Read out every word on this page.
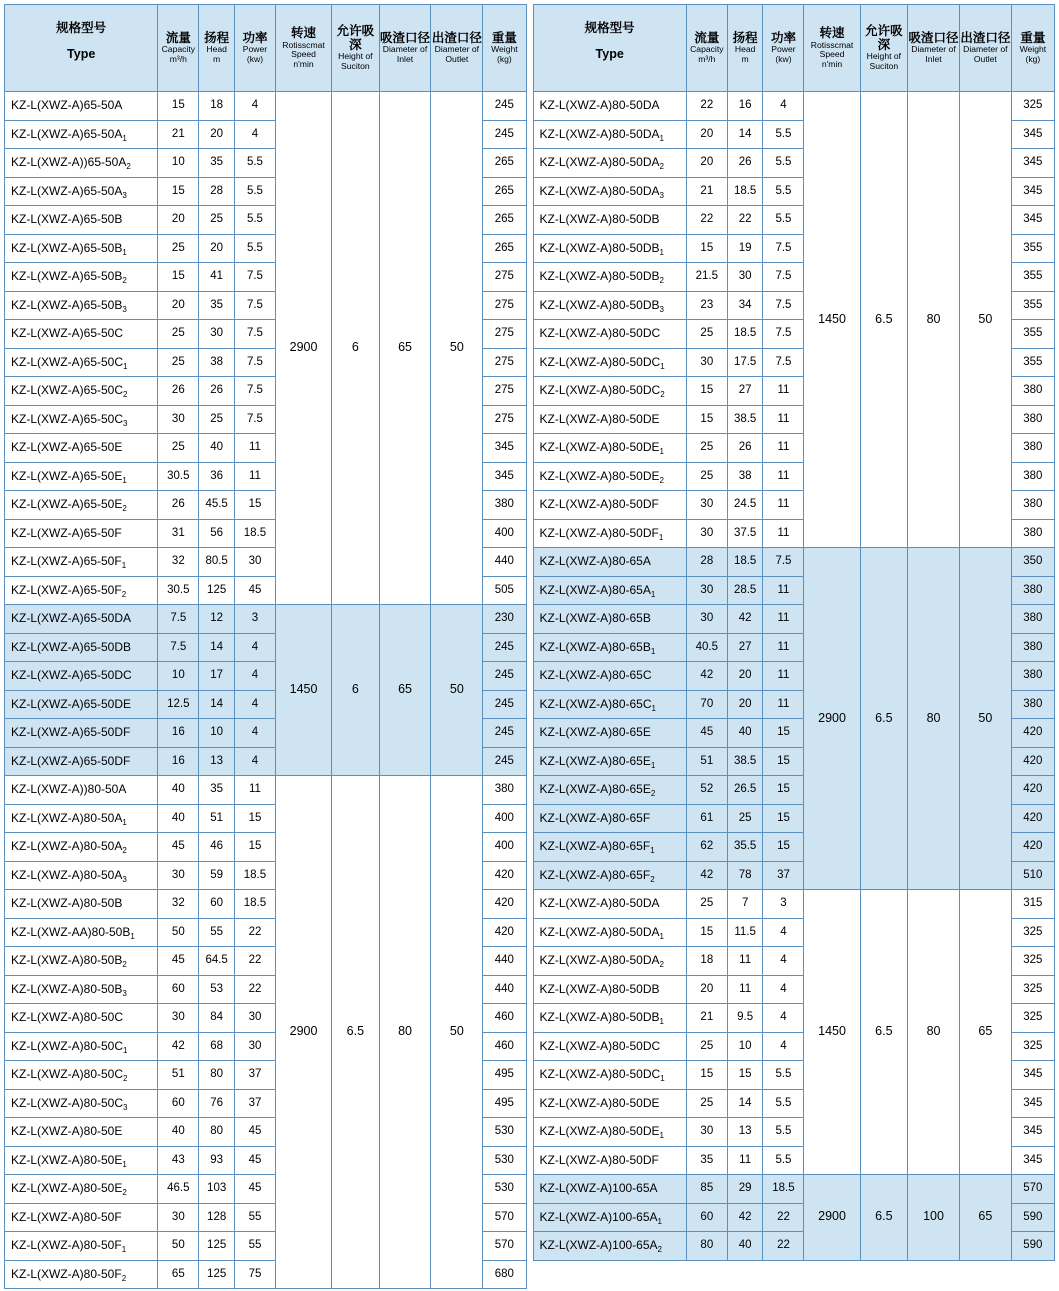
规格型号
Type	流量
Capacity
m³/h	扬程
Head
m	功率
Power
(kw)	转速
Rotisscmat Speed
n'min	允许吸深
Height of Suciton	吸渣口径
Diameter of Inlet	出渣口径
Diameter of Outlet	重量
Weight
(kg)

KZ-L(XWZ-A)65-50A	15	18	4	2900	6	65	50	245
$KZ-L(XWZ-A)65-50A_1$	21	20	4					245
$KZ-L(XWZ-A))65-50A_2$	10	35	5.5					265
$KZ-L(XWZ-A)65-50A_3$	15	28	5.5					265
KZ-L(XWZ-A)65-50B	20	25	5.5					265
$KZ-L(XWZ-A)65-50B_1$	25	20	5.5					265
$KZ-L(XWZ-A)65-50B_2$	15	41	7.5					275
$KZ-L(XWZ-A)65-50B_3$	20	35	7.5					275
KZ-L(XWZ-A)65-50C	25	30	7.5					275
$KZ-L(XWZ-A)65-50C_1$	25	38	7.5					275
$KZ-L(XWZ-A)65-50C_2$	26	26	7.5					275
$KZ-L(XWZ-A)65-50C_3$	30	25	7.5					275
KZ-L(XWZ-A)65-50E	25	40	11					345
$KZ-L(XWZ-A)65-50E_1$	30.5	36	11					345
$KZ-L(XWZ-A)65-50E_2$	26	45.5	15					380
KZ-L(XWZ-A)65-50F	31	56	18.5					400
$KZ-L(XWZ-A)65-50F_1$	32	80.5	30					440
$KZ-L(XWZ-A)65-50F_2$	30.5	125	45					505
KZ-L(XWZ-A)65-50DA	7.5	12	3	1450	6	65	50	230
KZ-L(XWZ-A)65-50DB	7.5	14	4					245
KZ-L(XWZ-A)65-50DC	10	17	4					245
KZ-L(XWZ-A)65-50DE	12.5	14	4					245
KZ-L(XWZ-A)65-50DF	16	10	4					245
KZ-L(XWZ-A)65-50DF	16	13	4					245
KZ-L(XWZ-A))80-50A	40	35	11	2900	6.5	80	50	380
$KZ-L(XWZ-A)80-50A_1$	40	51	15					400
$KZ-L(XWZ-A)80-50A_2$	45	46	15					400
$KZ-L(XWZ-A)80-50A_3$	30	59	18.5					420
KZ-L(XWZ-A)80-50B	32	60	18.5					420
$KZ-L(XWZ-AA)80-50B_1$	50	55	22					420
$KZ-L(XWZ-A)80-50B_2$	45	64.5	22					440
$KZ-L(XWZ-A)80-50B_3$	60	53	22					440
KZ-L(XWZ-A)80-50C	30	84	30					460
$KZ-L(XWZ-A)80-50C_1$	42	68	30					460
$KZ-L(XWZ-A)80-50C_2$	51	80	37					495
$KZ-L(XWZ-A)80-50C_3$	60	76	37					495
KZ-L(XWZ-A)80-50E	40	80	45					530
$KZ-L(XWZ-A)80-50E_1$	43	93	45					530
$KZ-L(XWZ-A)80-50E_2$	46.5	103	45					530
KZ-L(XWZ-A)80-50F	30	128	55					570
$KZ-L(XWZ-A)80-50F_1$	50	125	55					570
$KZ-L(XWZ-A)80-50F_2$	65	125	75					680
规格型号
Type	流量
Capacity
m³/h	扬程
Head
m	功率
Power
(kw)	转速
Rotisscmat Speed
n'min	允许吸深
Height of Suciton	吸渣口径
Diameter of Inlet	出渣口径
Diameter of Outlet	重量
Weight
(kg)

KZ-L(XWZ-A)80-50DA	22	16	4	1450	6.5	80	50	325
$KZ-L(XWZ-A)80-50DA_1$	20	14	5.5					345
$KZ-L(XWZ-A)80-50DA_2$	20	26	5.5					345
$KZ-L(XWZ-A)80-50DA_3$	21	18.5	5.5					345
KZ-L(XWZ-A)80-50DB	22	22	5.5					345
$KZ-L(XWZ-A)80-50DB_1$	15	19	7.5					355
$KZ-L(XWZ-A)80-50DB_2$	21.5	30	7.5					355
$KZ-L(XWZ-A)80-50DB_3$	23	34	7.5					355
KZ-L(XWZ-A)80-50DC	25	18.5	7.5					355
$KZ-L(XWZ-A)80-50DC_1$	30	17.5	7.5					355
$KZ-L(XWZ-A)80-50DC_2$	15	27	11					380
KZ-L(XWZ-A)80-50DE	15	38.5	11					380
$KZ-L(XWZ-A)80-50DE_1$	25	26	11					380
$KZ-L(XWZ-A)80-50DE_2$	25	38	11					380
KZ-L(XWZ-A)80-50DF	30	24.5	11					380
$KZ-L(XWZ-A)80-50DF_1$	30	37.5	11					380
KZ-L(XWZ-A)80-65A	28	18.5	7.5	2900	6.5	80	50	350
$KZ-L(XWZ-A)80-65A_1$	30	28.5	11					380
KZ-L(XWZ-A)80-65B	30	42	11					380
$KZ-L(XWZ-A)80-65B_1$	40.5	27	11					380
KZ-L(XWZ-A)80-65C	42	20	11					380
$KZ-L(XWZ-A)80-65C_1$	70	20	11					380
KZ-L(XWZ-A)80-65E	45	40	15					420
$KZ-L(XWZ-A)80-65E_1$	51	38.5	15					420
$KZ-L(XWZ-A)80-65E_2$	52	26.5	15					420
KZ-L(XWZ-A)80-65F	61	25	15					420
$KZ-L(XWZ-A)80-65F_1$	62	35.5	15					420
$KZ-L(XWZ-A)80-65F_2$	42	78	37					510
KZ-L(XWZ-A)80-50DA	25	7	3	1450	6.5	80	65	315
$KZ-L(XWZ-A)80-50DA_1$	15	11.5	4					325
$KZ-L(XWZ-A)80-50DA_2$	18	11	4					325
KZ-L(XWZ-A)80-50DB	20	11	4					325
$KZ-L(XWZ-A)80-50DB_1$	21	9.5	4					325
KZ-L(XWZ-A)80-50DC	25	10	4					325
$KZ-L(XWZ-A)80-50DC_1$	15	15	5.5					345
KZ-L(XWZ-A)80-50DE	25	14	5.5					345
$KZ-L(XWZ-A)80-50DE_1$	30	13	5.5					345
KZ-L(XWZ-A)80-50DF	35	11	5.5					345
KZ-L(XWZ-A)100-65A	85	29	18.5	2900	6.5	100	65	570
$KZ-L(XWZ-A)100-65A_1$	60	42	22					590
$KZ-L(XWZ-A)100-65A_2$	80	40	22					590
